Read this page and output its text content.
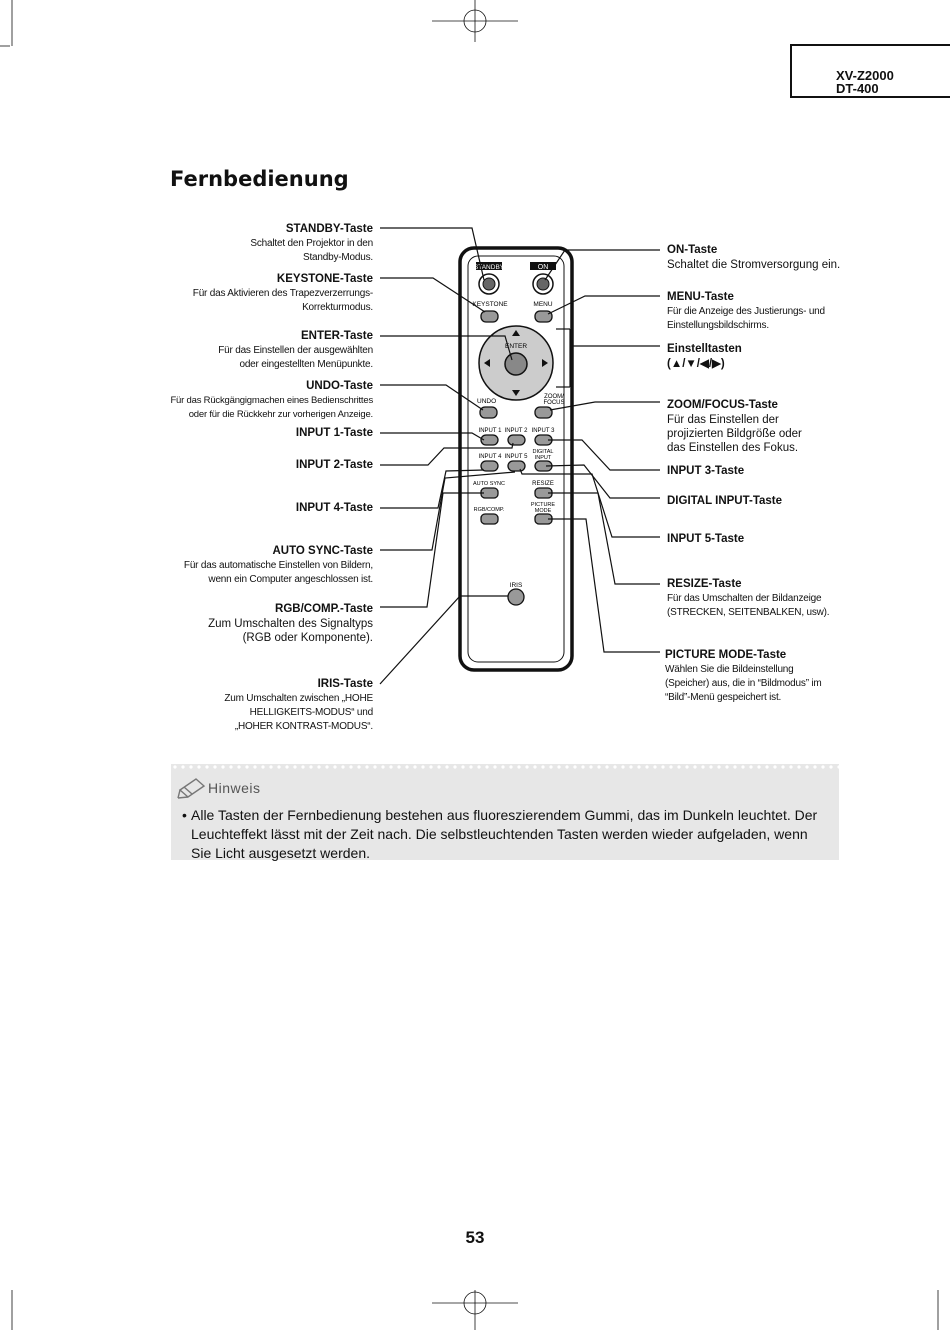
XV-Z2000
DT-400
Fernbedienung
STANDBY	ON
KEYSTONE	MENU
ENTER
UNDO
ZOOM/
FOCUS
INPUT 1 INPUT 2 INPUT 3
INPUT 4 INPUT 5
DIGITAL
INPUT
AUTO SYNC	RESIZE
RGB/COMP.
PICTURE
MODE
IRIS
STANDBY-Taste
Schaltet den Projektor in den
Standby-Modus.
KEYSTONE-Taste
Für das Aktivieren des Trapezverzerrungs-
Korrekturmodus.
ENTER-Taste
Für das Einstellen der ausgewählten
oder eingestellten Menüpunkte.
UNDO-Taste
Für das Rückgängigmachen eines Bedienschrittes
oder für die Rückkehr zur vorherigen Anzeige.
INPUT 1-Taste
INPUT 2-Taste
INPUT 4-Taste
AUTO SYNC-Taste
Für das automatische Einstellen von Bildern,
wenn ein Computer angeschlossen ist.
RGB/COMP.-Taste
Zum Umschalten des Signaltyps
(RGB oder Komponente).
IRIS-Taste
Zum Umschalten zwischen „HOHE
HELLIGKEITS-MODUS“ und
„HOHER KONTRAST-MODUS“.
ON-Taste
Schaltet die Stromversorgung ein.
MENU-Taste
Für die Anzeige des Justierungs- und
Einstellungsbildschirms.
Einstelltasten
(▲/▼/◀/▶)
ZOOM/FOCUS-Taste
Für das Einstellen der
projizierten Bildgröße oder
das Einstellen des Fokus.
INPUT 3-Taste
DIGITAL INPUT-Taste
INPUT 5-Taste
RESIZE-Taste
Für das Umschalten der Bildanzeige
(STRECKEN, SEITENBALKEN, usw).
PICTURE MODE-Taste
Wählen Sie die Bildeinstellung
(Speicher) aus, die in “Bildmodus” im
“Bild”-Menü gespeichert ist.
Hinweis
• Alle Tasten der Fernbedienung bestehen aus fluoreszierendem Gummi, das im Dunkeln leuchtet. Der Leuchteffekt lässt mit der Zeit nach. Die selbstleuchtenden Tasten werden wieder aufgeladen, wenn Sie Licht ausgesetzt werden.
53
